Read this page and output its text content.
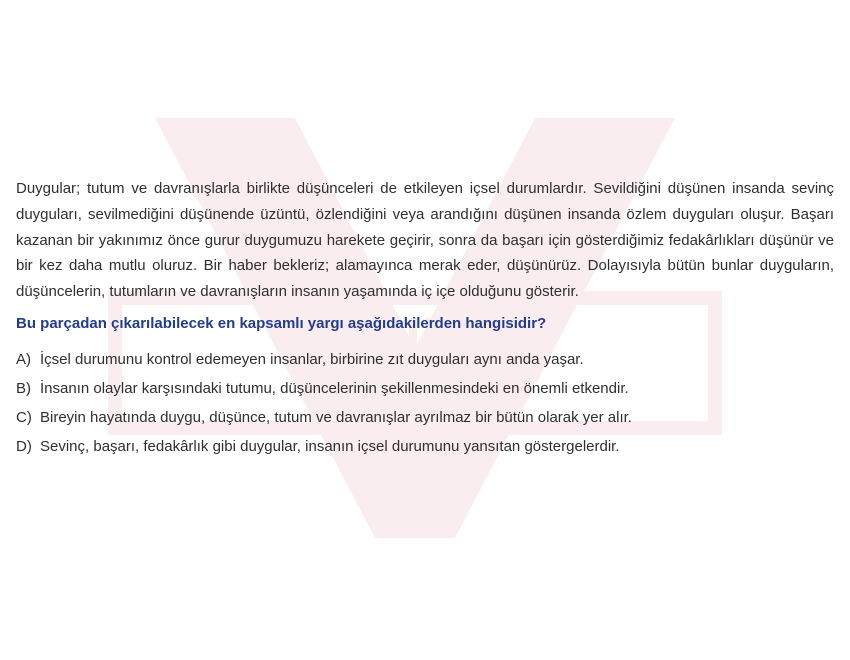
Duygular; tutum ve davranışlarla birlikte düşünceleri de etkileyen içsel durumlardır. Sevildiğini düşünen insanda sevinç duyguları, sevilmediğini düşünende üzüntü, özlendiğini veya arandığını düşünen insanda özlem duyguları oluşur. Başarı kazanan bir yakınımız önce gurur duygumuzu harekete geçirir, sonra da başarı için gösterdiğimiz fedakârlıkları düşünür ve bir kez daha mutlu oluruz. Bir haber bekleriz; alamayınca merak eder, düşünürüz. Dolayısıyla bütün bunlar duyguların, düşüncelerin, tutumların ve davranışların insanın yaşamında iç içe olduğunu gösterir.

Bu parçadan çıkarılabilecek en kapsamlı yargı aşağıdakilerden hangisidir?

A) İçsel durumunu kontrol edemeyen insanlar, birbirine zıt duyguları aynı anda yaşar.
B) İnsanın olaylar karşısındaki tutumu, düşüncelerinin şekillenmesindeki en önemli etkendir.
C) Bireyin hayatında duygu, düşünce, tutum ve davranışlar ayrılmaz bir bütün olarak yer alır.
D) Sevinç, başarı, fedakârlık gibi duygular, insanın içsel durumunu yansıtan göstergelerdir.
